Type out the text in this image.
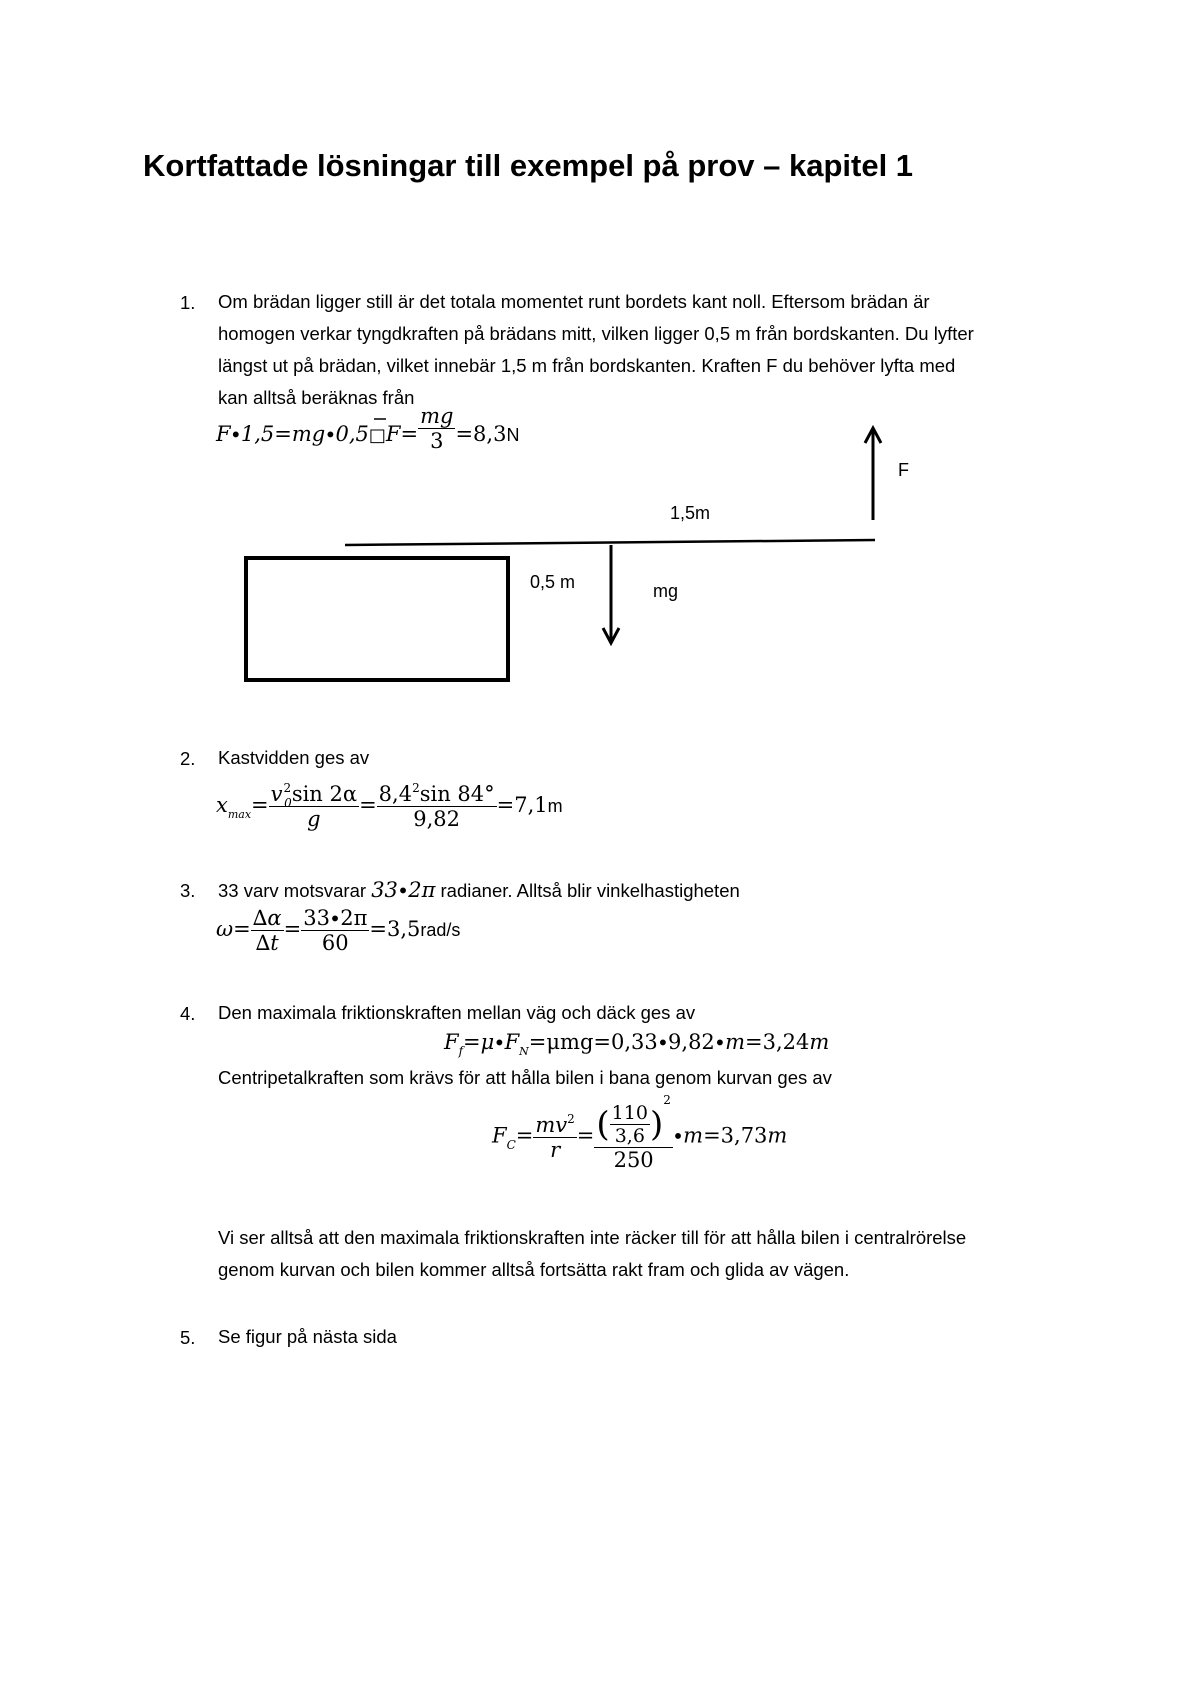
Kortfattade lösningar till exempel på prov – kapitel 1
1. Om brädan ligger still är det totala momentet runt bordets kant noll. Eftersom brädan är
homogen verkar tyngdkraften på brädans mitt, vilken ligger 0,5 m från bordskanten. Du lyfter
längst ut på brädan, vilket innebär 1,5 m från bordskanten. Kraften F du behöver lyfta med
kan alltså beräknas från
F∙1,5=mg∙0,5□F= $\frac{mg}{3} =8,3N$
F
1,5m
0,5 m	mg
2. Kastvidden ges av
$x_{max}= \frac{v^2_0\sin 2\alpha}{g} = \frac{8,4^2\sin 84^\circ}{9,82} =7,1m$
3. 33 varv motsvarar 33∙2π radianer. Alltså blir vinkelhastigheten
$\omega= \frac{\Delta\alpha}{\Delta t} = \frac{33\cdot 2\pi}{60} =3,5rad/s$
4. Den maximala friktionskraften mellan väg och däck ges av
$F_f=\mu\cdot F_N=\mu mg=0,33\cdot 9,82\cdot m=3,24m$
Centripetalkraften som krävs för att hålla bilen i bana genom kurvan ges av
$F_C= \frac{mv^2}{r} = \frac{( \frac{110}{3,6} )^2}{250} \cdot m=3,73m$
Vi ser alltså att den maximala friktionskraften inte räcker till för att hålla bilen i centralrörelse
genom kurvan och bilen kommer alltså fortsätta rakt fram och glida av vägen.
5. Se figur på nästa sida
